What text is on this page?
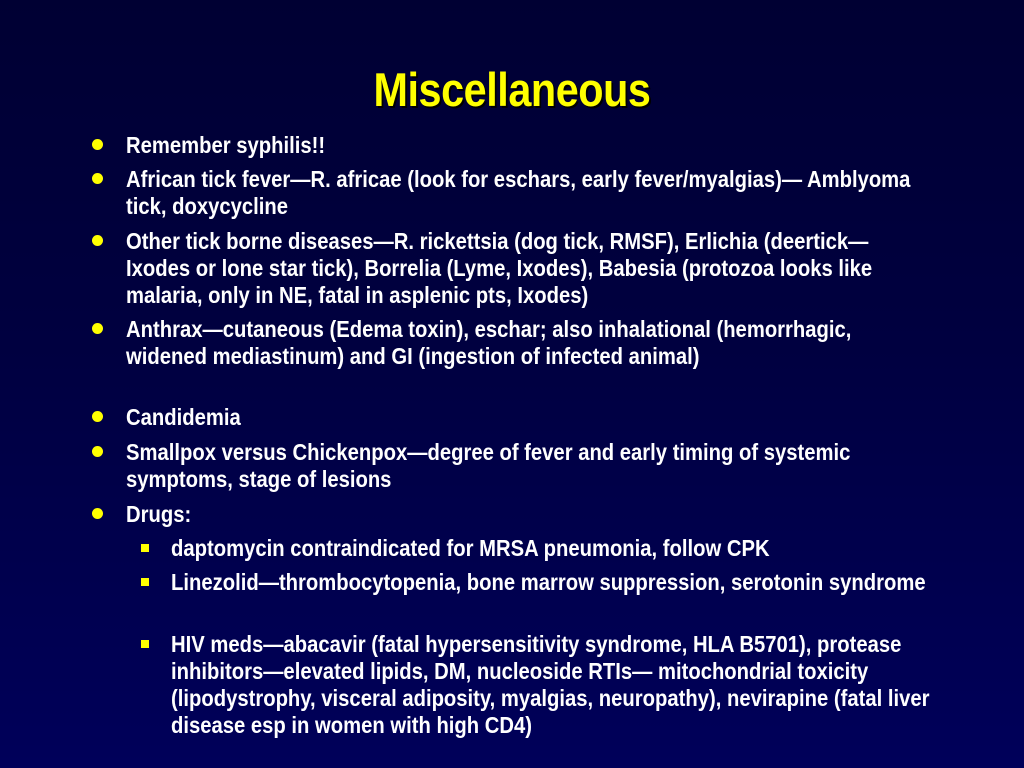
Miscellaneous
Remember syphilis!!
African tick fever—R. africae (look for eschars, early fever/myalgias)— Amblyoma tick, doxycycline
Other tick borne diseases—R. rickettsia (dog tick, RMSF), Erlichia (deertick—Ixodes or lone star tick), Borrelia (Lyme, Ixodes), Babesia (protozoa looks like malaria, only in NE, fatal in asplenic pts, Ixodes)
Anthrax—cutaneous (Edema toxin), eschar; also inhalational (hemorrhagic, widened mediastinum) and GI (ingestion of infected animal)
Candidemia
Smallpox versus Chickenpox—degree of fever and early timing of systemic symptoms, stage of lesions
Drugs:
daptomycin contraindicated for MRSA pneumonia, follow CPK
Linezolid—thrombocytopenia, bone marrow suppression, serotonin syndrome
HIV meds—abacavir (fatal hypersensitivity syndrome, HLA B5701), protease inhibitors—elevated lipids, DM, nucleoside RTIs— mitochondrial toxicity (lipodystrophy, visceral adiposity, myalgias, neuropathy), nevirapine (fatal liver disease esp in women with high CD4)
